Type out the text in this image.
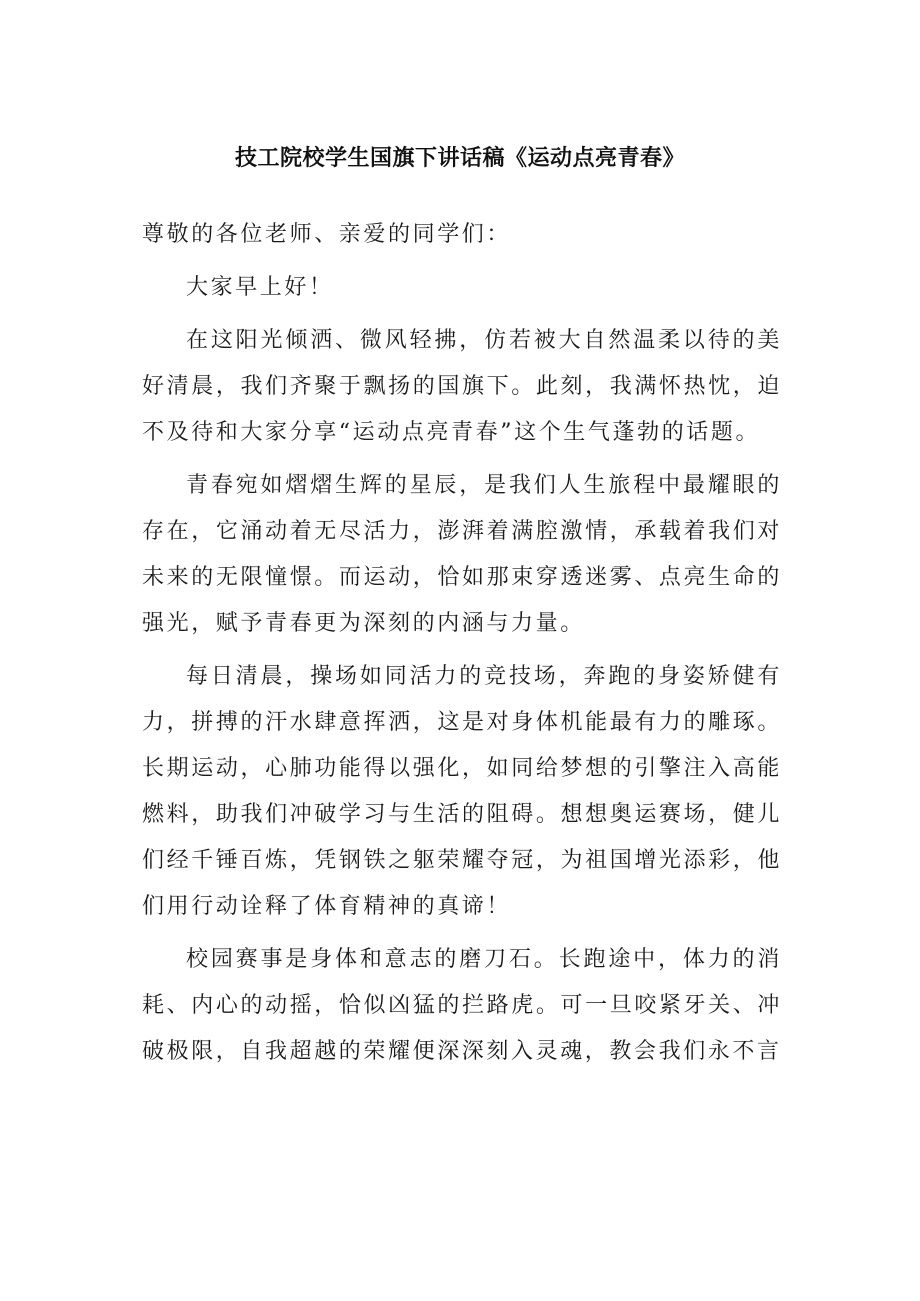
技工院校学生国旗下讲话稿《运动点亮青春》

尊敬的各位老师、亲爱的同学们：

大家早上好！

在这阳光倾洒、微风轻拂，仿若被大自然温柔以待的美好清晨，我们齐聚于飘扬的国旗下。此刻，我满怀热忱，迫不及待和大家分享“运动点亮青春”这个生气蓬勃的话题。

青春宛如熠熠生辉的星辰，是我们人生旅程中最耀眼的存在，它涌动着无尽活力，澎湃着满腔激情，承载着我们对未来的无限憧憬。而运动，恰如那束穿透迷雾、点亮生命的强光，赋予青春更为深刻的内涵与力量。

每日清晨，操场如同活力的竞技场，奔跑的身姿矫健有力，拼搏的汗水肆意挥洒，这是对身体机能最有力的雕琢。长期运动，心肺功能得以强化，如同给梦想的引擎注入高能燃料，助我们冲破学习与生活的阻碍。想想奥运赛场，健儿们经千锤百炼，凭钢铁之躯荣耀夺冠，为祖国增光添彩，他们用行动诠释了体育精神的真谛！

校园赛事是身体和意志的磨刀石。长跑途中，体力的消耗、内心的动摇，恰似凶猛的拦路虎。可一旦咬紧牙关、冲破极限，自我超越的荣耀便深深刻入灵魂，教会我们永不言
